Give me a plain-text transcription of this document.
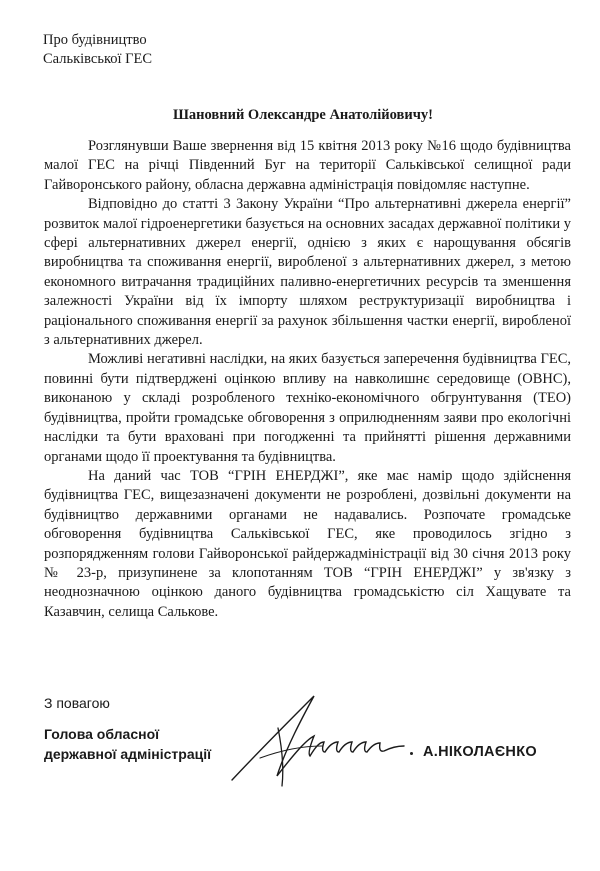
Про будівництво
Сальківської ГЕС
Шановний Олександре Анатолійовичу!

Розглянувши Ваше звернення від 15 квітня 2013 року №16 щодо будівництва малої ГЕС на річці Південний Буг на території Сальківської селищної ради Гайворонського району, обласна державна адміністрація повідомляє наступне.

Відповідно до статті 3 Закону України “Про альтернативні джерела енергії” розвиток малої гідроенергетики базується на основних засадах державної політики у сфері альтернативних джерел енергії, однією з яких є нарощування обсягів виробництва та споживання енергії, виробленої з альтернативних джерел, з метою економного витрачання традиційних паливно-енергетичних ресурсів та зменшення залежності України від їх імпорту шляхом реструктуризації виробництва і раціонального споживання енергії за рахунок збільшення частки енергії, виробленої з альтернативних джерел.

Можливі негативні наслідки, на яких базується заперечення будівництва ГЕС, повинні бути підтверджені оцінкою впливу на навколишнє середовище (ОВНС), виконаною у складі розробленого техніко-економічного обгрунтування (ТЕО) будівництва, пройти громадське обговорення з оприлюдненням заяви про екологічні наслідки та бути враховані при погодженні та прийнятті рішення державними органами щодо її проектування та будівництва.

На даний час ТОВ “ГРІН ЕНЕРДЖІ”, яке має намір щодо здійснення будівництва ГЕС, вищезазначені документи не розроблені, дозвільні документи на будівництво державними органами не надавались. Розпочате громадське обговорення будівництва Сальківської ГЕС, яке проводилось згідно з розпорядженням голови Гайворонської райдержадміністрації від 30 січня 2013 року № 23-р, призупинене за клопотанням ТОВ “ГРІН ЕНЕРДЖІ” у зв'язку з неоднозначною оцінкою даного будівництва громадськістю сіл Хащувате та Казавчин, селища Салькове.

З повагою
Голова обласної
державної адміністрації	А.НІКОЛАЄНКО
